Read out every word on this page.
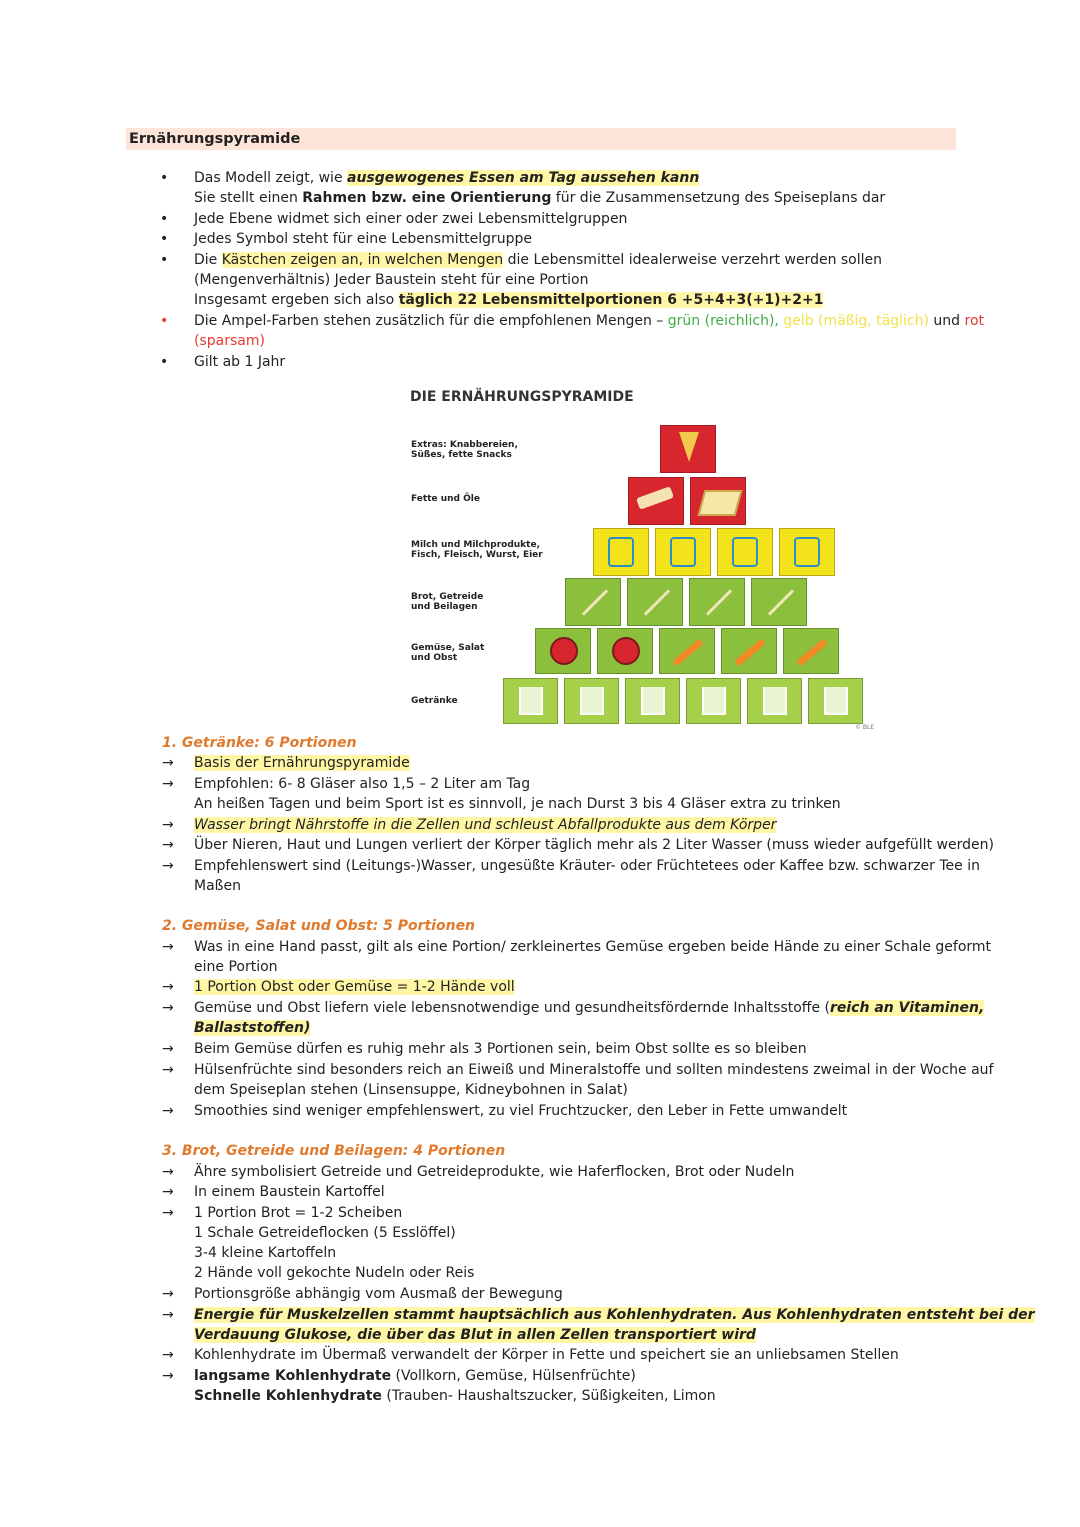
Ernährungspyramide
• Das Modell zeigt, wie ausgewogenes Essen am Tag aussehen kann
Sie stellt einen Rahmen bzw. eine Orientierung für die Zusammensetzung des Speiseplans dar
• Jede Ebene widmet sich einer oder zwei Lebensmittelgruppen
• Jedes Symbol steht für eine Lebensmittelgruppe
• Die Kästchen zeigen an, in welchen Mengen die Lebensmittel idealerweise verzehrt werden sollen
(Mengenverhältnis) Jeder Baustein steht für eine Portion
Insgesamt ergeben sich also täglich 22 Lebensmittelportionen 6 +5+4+3(+1)+2+1
• Die Ampel-Farben stehen zusätzlich für die empfohlenen Mengen – grün (reichlich), gelb (mäßig, täglich) und rot
(sparsam)
• Gilt ab 1 Jahr
DIE ERNÄHRUNGSPYRAMIDE
Extras: Knabbereien,
Süßes, fette Snacks
Fette und Öle
Milch und Milchprodukte,
Fisch, Fleisch, Wurst, Eier
Brot, Getreide
und Beilagen
Gemüse, Salat
und Obst
Getränke
© BLE
1. Getränke: 6 Portionen
→ Basis der Ernährungspyramide
→ Empfohlen: 6- 8 Gläser also 1,5 – 2 Liter am Tag
An heißen Tagen und beim Sport ist es sinnvoll, je nach Durst 3 bis 4 Gläser extra zu trinken
→ Wasser bringt Nährstoffe in die Zellen und schleust Abfallprodukte aus dem Körper
→ Über Nieren, Haut und Lungen verliert der Körper täglich mehr als 2 Liter Wasser (muss wieder aufgefüllt werden)
→ Empfehlenswert sind (Leitungs-)Wasser, ungesüßte Kräuter- oder Früchtetees oder Kaffee bzw. schwarzer Tee in
Maßen
2. Gemüse, Salat und Obst: 5 Portionen
→ Was in eine Hand passt, gilt als eine Portion/ zerkleinertes Gemüse ergeben beide Hände zu einer Schale geformt
eine Portion
→ 1 Portion Obst oder Gemüse = 1-2 Hände voll
→ Gemüse und Obst liefern viele lebensnotwendige und gesundheitsfördernde Inhaltsstoffe (reich an Vitaminen,
Ballaststoffen)
→ Beim Gemüse dürfen es ruhig mehr als 3 Portionen sein, beim Obst sollte es so bleiben
→ Hülsenfrüchte sind besonders reich an Eiweiß und Mineralstoffe und sollten mindestens zweimal in der Woche auf
dem Speiseplan stehen (Linsensuppe, Kidneybohnen in Salat)
→ Smoothies sind weniger empfehlenswert, zu viel Fruchtzucker, den Leber in Fette umwandelt
3. Brot, Getreide und Beilagen: 4 Portionen
→ Ähre symbolisiert Getreide und Getreideprodukte, wie Haferflocken, Brot oder Nudeln
→ In einem Baustein Kartoffel
→ 1 Portion Brot = 1-2 Scheiben
1 Schale Getreideflocken (5 Esslöffel)
3-4 kleine Kartoffeln
2 Hände voll gekochte Nudeln oder Reis
→ Portionsgröße abhängig vom Ausmaß der Bewegung
→ Energie für Muskelzellen stammt hauptsächlich aus Kohlenhydraten. Aus Kohlenhydraten entsteht bei der
Verdauung Glukose, die über das Blut in allen Zellen transportiert wird
→ Kohlenhydrate im Übermaß verwandelt der Körper in Fette und speichert sie an unliebsamen Stellen
→ langsame Kohlenhydrate (Vollkorn, Gemüse, Hülsenfrüchte)
Schnelle Kohlenhydrate (Trauben- Haushaltszucker, Süßigkeiten, Limon
